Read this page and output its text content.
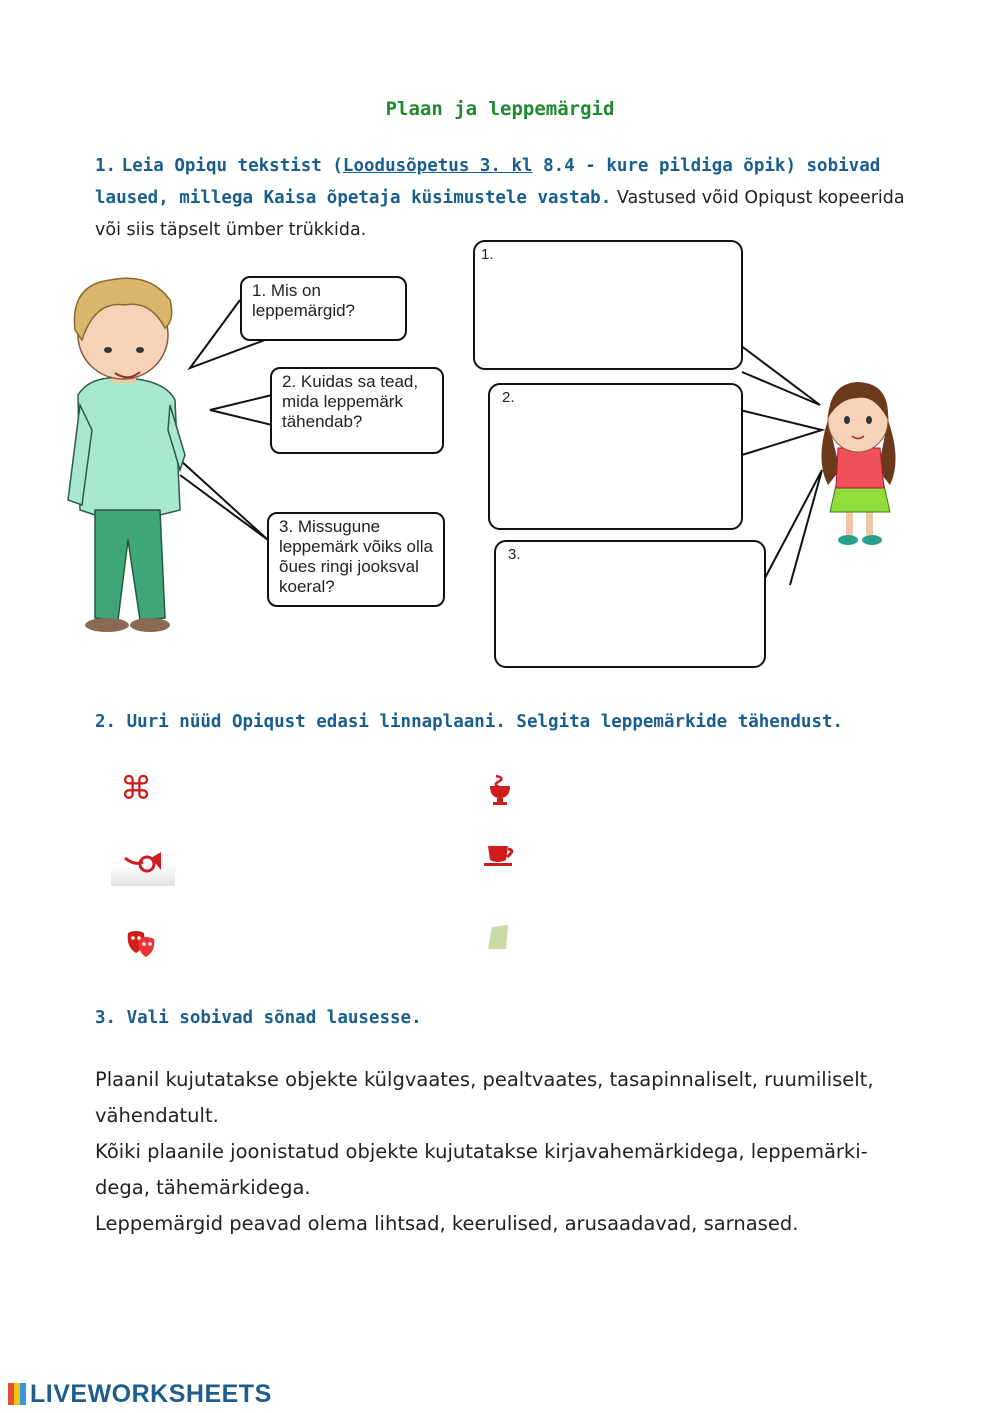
Plaan ja leppemärgid
1. Leia Opiqu tekstist (Loodusõpetus 3. kl 8.4 - kure pildiga õpik) sobivad laused, millega Kaisa õpetaja küsimustele vastab. Vastused võid Opiqust kopeerida või siis täpselt ümber trükkida.
1. Mis on leppemärgid?
2. Kuidas sa tead, mida leppemärk tähendab?
3. Missugune leppemärk võiks olla õues ringi jooksval koeral?
1.
2.
3.
2. Uuri nüüd Opiqust edasi linnaplaani. Selgita leppemärkide tähendust.
⌘
3. Vali sobivad sõnad lausesse.
Plaanil kujutatakse objekte külgvaates, pealtvaates, tasapinnaliselt, ruumiliselt, vähendatult.
Kõiki plaanile joonistatud objekte kujutatakse kirjavahemärkidega, leppemärki- dega, tähemärkidega.
Leppemärgid peavad olema lihtsad, keerulised, arusaadavad, sarnased.
LIVEWORKSHEETS
